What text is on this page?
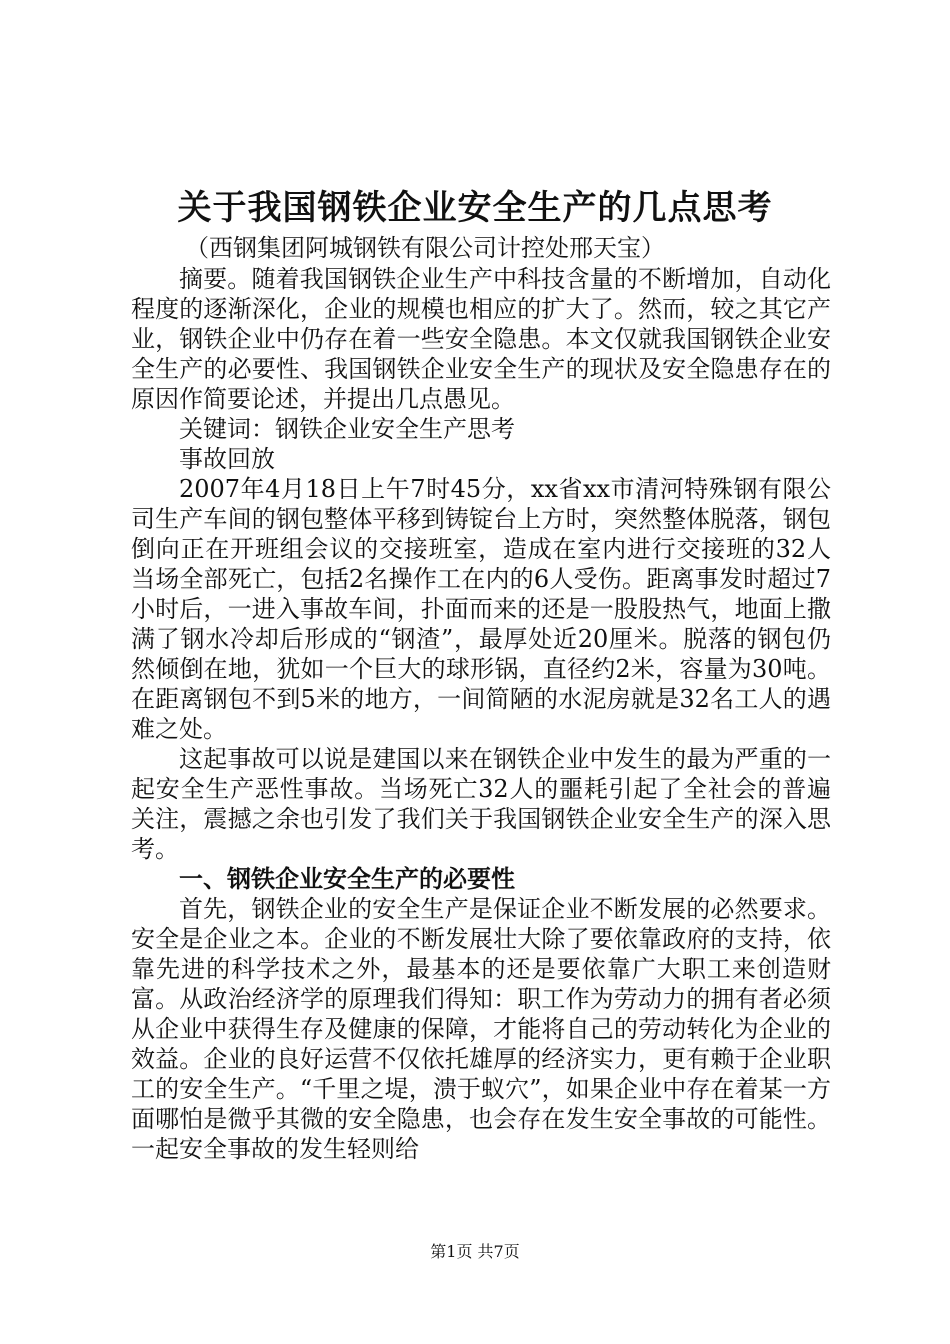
关于我国钢铁企业安全生产的几点思考

（西钢集团阿城钢铁有限公司计控处邢天宝）

摘要。随着我国钢铁企业生产中科技含量的不断增加，自动化程度的逐渐深化，企业的规模也相应的扩大了。然而，较之其它产业，钢铁企业中仍存在着一些安全隐患。本文仅就我国钢铁企业安全生产的必要性、我国钢铁企业安全生产的现状及安全隐患存在的原因作简要论述，并提出几点愚见。

关键词：钢铁企业安全生产思考

事故回放

2007年4月18日上午7时45分，xx省xx市清河特殊钢有限公司生产车间的钢包整体平移到铸锭台上方时，突然整体脱落，钢包倒向正在开班组会议的交接班室，造成在室内进行交接班的32人当场全部死亡，包括2名操作工在内的6人受伤。距离事发时超过7小时后，一进入事故车间，扑面而来的还是一股股热气，地面上撒满了钢水冷却后形成的“钢渣”，最厚处近20厘米。脱落的钢包仍然倾倒在地，犹如一个巨大的球形锅，直径约2米，容量为30吨。在距离钢包不到5米的地方，一间简陋的水泥房就是32名工人的遇难之处。

这起事故可以说是建国以来在钢铁企业中发生的最为严重的一起安全生产恶性事故。当场死亡32人的噩耗引起了全社会的普遍关注，震撼之余也引发了我们关于我国钢铁企业安全生产的深入思考。

一、钢铁企业安全生产的必要性

首先，钢铁企业的安全生产是保证企业不断发展的必然要求。安全是企业之本。企业的不断发展壮大除了要依靠政府的支持，依靠先进的科学技术之外，最基本的还是要依靠广大职工来创造财富。从政治经济学的原理我们得知：职工作为劳动力的拥有者必须从企业中获得生存及健康的保障，才能将自己的劳动转化为企业的效益。企业的良好运营不仅依托雄厚的经济实力，更有赖于企业职工的安全生产。“千里之堤，溃于蚁穴”，如果企业中存在着某一方面哪怕是微乎其微的安全隐患，也会存在发生安全事故的可能性。一起安全事故的发生轻则给

第1页 共7页
